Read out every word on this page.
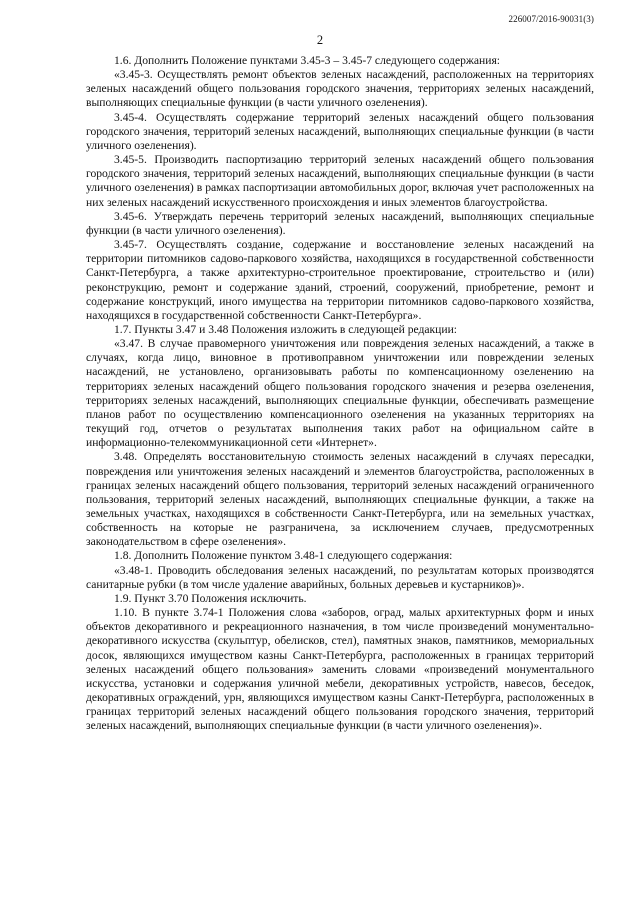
226007/2016-90031(3)
2

1.6. Дополнить Положение пунктами 3.45-3 – 3.45-7 следующего содержания:

«3.45-3. Осуществлять ремонт объектов зеленых насаждений, расположенных на территориях зеленых насаждений общего пользования городского значения, территориях зеленых насаждений, выполняющих специальные функции (в части уличного озеленения).

3.45-4. Осуществлять содержание территорий зеленых насаждений общего пользования городского значения, территорий зеленых насаждений, выполняющих специальные функции (в части уличного озеленения).

3.45-5. Производить паспортизацию территорий зеленых насаждений общего пользования городского значения, территорий зеленых насаждений, выполняющих специальные функции (в части уличного озеленения) в рамках паспортизации автомобильных дорог, включая учет расположенных на них зеленых насаждений искусственного происхождения и иных элементов благоустройства.

3.45-6. Утверждать перечень территорий зеленых насаждений, выполняющих специальные функции (в части уличного озеленения).

3.45-7. Осуществлять создание, содержание и восстановление зеленых насаждений на территории питомников садово-паркового хозяйства, находящихся в государственной собственности Санкт-Петербурга, а также архитектурно-строительное проектирование, строительство и (или) реконструкцию, ремонт и содержание зданий, строений, сооружений, приобретение, ремонт и содержание конструкций, иного имущества на территории питомников садово-паркового хозяйства, находящихся в государственной собственности Санкт-Петербурга».

1.7. Пункты 3.47 и 3.48 Положения изложить в следующей редакции:

«3.47. В случае правомерного уничтожения или повреждения зеленых насаждений, а также в случаях, когда лицо, виновное в противоправном уничтожении или повреждении зеленых насаждений, не установлено, организовывать работы по компенсационному озеленению на территориях зеленых насаждений общего пользования городского значения и резерва озеленения, территориях зеленых насаждений, выполняющих специальные функции, обеспечивать размещение планов работ по осуществлению компенсационного озеленения на указанных территориях на текущий год, отчетов о результатах выполнения таких работ на официальном сайте в информационно-телекоммуникационной сети «Интернет».

3.48. Определять восстановительную стоимость зеленых насаждений в случаях пересадки, повреждения или уничтожения зеленых насаждений и элементов благоустройства, расположенных в границах зеленых насаждений общего пользования, территорий зеленых насаждений ограниченного пользования, территорий зеленых насаждений, выполняющих специальные функции, а также на земельных участках, находящихся в собственности Санкт-Петербурга, или на земельных участках, собственность на которые не разграничена, за исключением случаев, предусмотренных законодательством в сфере озеленения».

1.8. Дополнить Положение пунктом 3.48-1 следующего содержания:

«3.48-1. Проводить обследования зеленых насаждений, по результатам которых производятся санитарные рубки (в том числе удаление аварийных, больных деревьев и кустарников)».

1.9. Пункт 3.70 Положения исключить.

1.10. В пункте 3.74-1 Положения слова «заборов, оград, малых архитектурных форм и иных объектов декоративного и рекреационного назначения, в том числе произведений монументально-декоративного искусства (скульптур, обелисков, стел), памятных знаков, памятников, мемориальных досок, являющихся имуществом казны Санкт-Петербурга, расположенных в границах территорий зеленых насаждений общего пользования» заменить словами «произведений монументального искусства, установки и содержания уличной мебели, декоративных устройств, навесов, беседок, декоративных ограждений, урн, являющихся имуществом казны Санкт-Петербурга, расположенных в границах территорий зеленых насаждений общего пользования городского значения, территорий зеленых насаждений, выполняющих специальные функции (в части уличного озеленения)».
